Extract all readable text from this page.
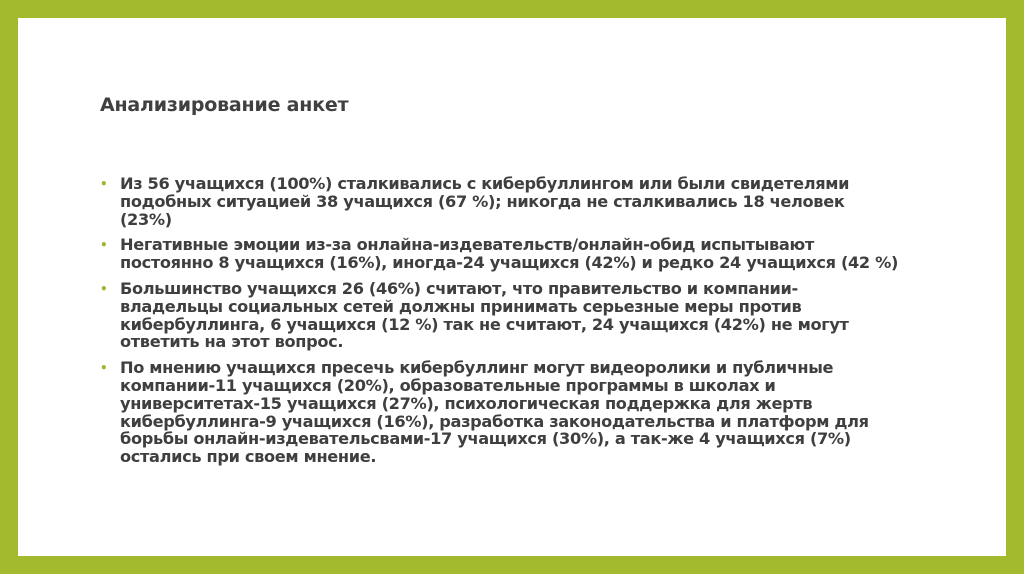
Анализирование анкет
• Из 56 учащихся (100%) сталкивались с кибербуллингом или были свидетелями подобных ситуацией 38 учащихся (67 %); никогда не сталкивались 18 человек (23%)
• Негативные эмоции из-за онлайна-издевательств/онлайн-обид испытывают постоянно 8 учащихся (16%), иногда-24 учащихся (42%) и редко 24 учащихся (42 %)
• Большинство учащихся 26 (46%) считают, что правительство и компании-владельцы социальных сетей должны принимать серьезные меры против кибербуллинга, 6 учащихся (12 %) так не считают, 24 учащихся (42%) не могут ответить на этот вопрос.
• По мнению учащихся пресечь кибербуллинг могут видеоролики и публичные компании-11 учащихся (20%), образовательные программы в школах и университетах-15 учащихся (27%), психологическая поддержка для жертв кибербуллинга-9 учащихся (16%), разработка законодательства и платформ для борьбы онлайн-издевательсвами-17 учащихся (30%), а так-же 4 учащихся (7%) остались при своем мнение.
